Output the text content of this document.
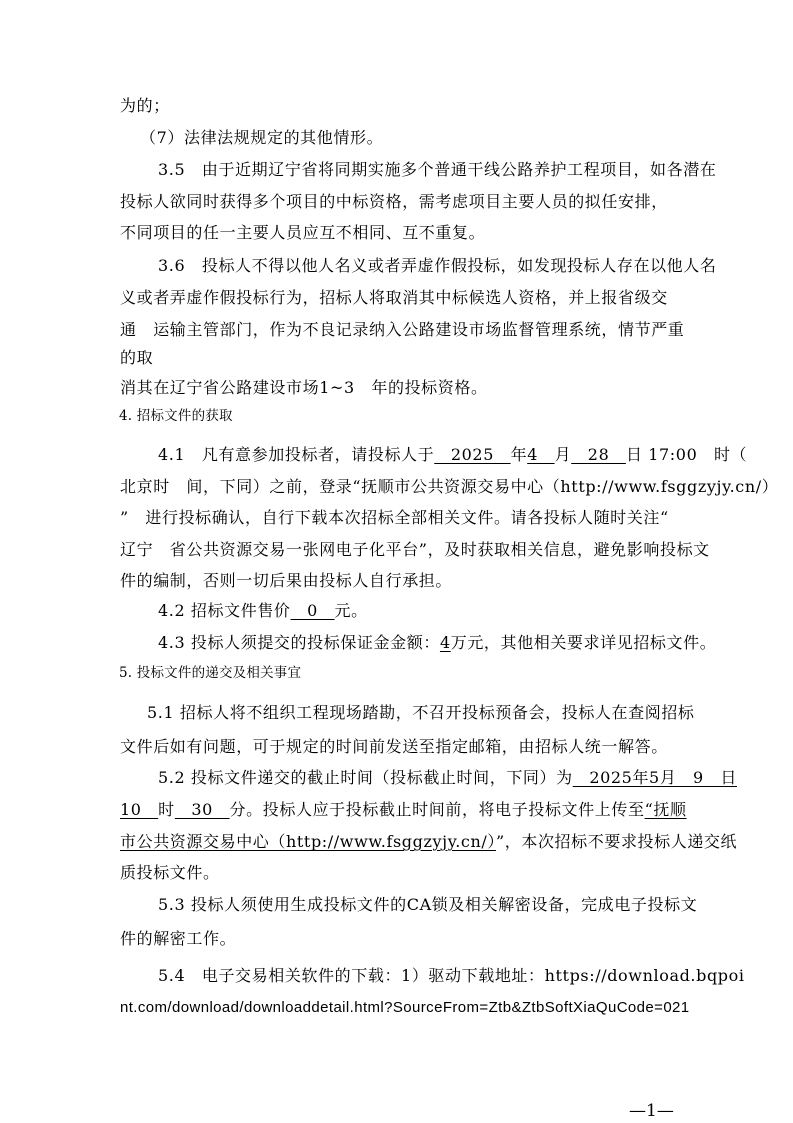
为的；
（7）法律法规规定的其他情形。
3.5　由于近期辽宁省将同期实施多个普通干线公路养护工程项目，如各潜在
投标人欲同时获得多个项目的中标资格，需考虑项目主要人员的拟任安排，
不同项目的任一主要人员应互不相同、互不重复。
3.6　投标人不得以他人名义或者弄虚作假投标，如发现投标人存在以他人名
义或者弄虚作假投标行为，招标人将取消其中标候选人资格，并上报省级交
通　运输主管部门，作为不良记录纳入公路建设市场监督管理系统，情节严重
的取
消其在辽宁省公路建设市场1~3　年的投标资格。
4. 招标文件的获取
4.1　凡有意参加投标者，请投标人于　2025　年4　月　28　日 17:00　时（
北京时　间，下同）之前，登录“抚顺市公共资源交易中心（http://www.fsggzyjy.cn/）
”　进行投标确认，自行下载本次招标全部相关文件。请各投标人随时关注“
辽宁　省公共资源交易一张网电子化平台”，及时获取相关信息，避免影响投标文
件的编制，否则一切后果由投标人自行承担。
4.2 招标文件售价　0　元。
4.3 投标人须提交的投标保证金金额：4万元，其他相关要求详见招标文件。
5. 投标文件的递交及相关事宜
5.1 招标人将不组织工程现场踏勘，不召开投标预备会，投标人在查阅招标
文件后如有问题，可于规定的时间前发送至指定邮箱，由招标人统一解答。
5.2 投标文件递交的截止时间（投标截止时间，下同）为　2025年5月　9　日
10　时　30　分。投标人应于投标截止时间前，将电子投标文件上传至“抚顺
市公共资源交易中心（http://www.fsggzyjy.cn/）”，本次招标不要求投标人递交纸
质投标文件。
5.3 投标人须使用生成投标文件的CA锁及相关解密设备，完成电子投标文
件的解密工作。
5.4　电子交易相关软件的下载：1）驱动下载地址：https://download.bqpoi
nt.com/download/downloaddetail.html?SourceFrom=Ztb&ZtbSoftXiaQuCode=021
—1—
